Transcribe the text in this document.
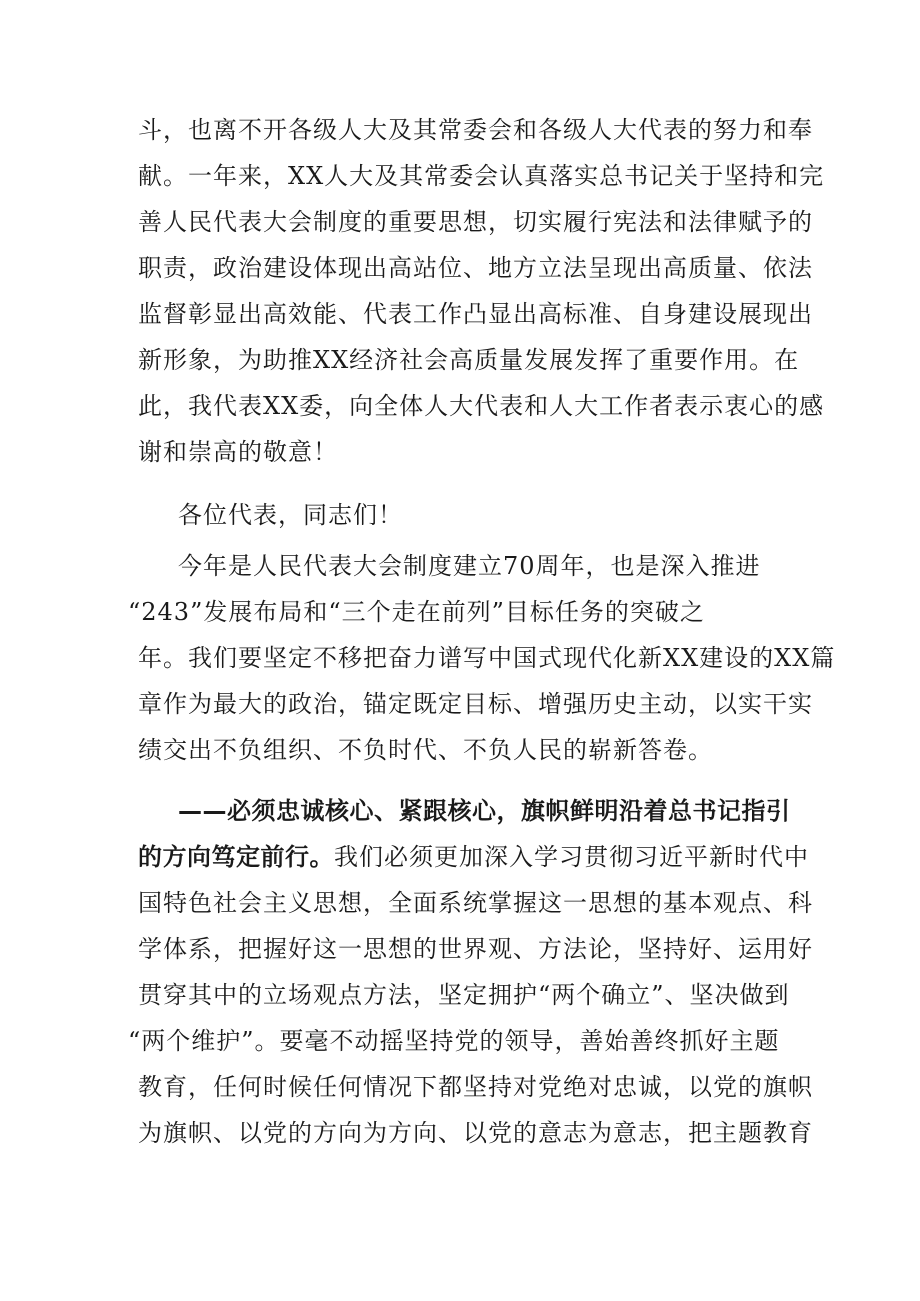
斗，也离不开各级人大及其常委会和各级人大代表的努力和奉
献。一年来，XX人大及其常委会认真落实总书记关于坚持和完
善人民代表大会制度的重要思想，切实履行宪法和法律赋予的
职责，政治建设体现出高站位、地方立法呈现出高质量、依法
监督彰显出高效能、代表工作凸显出高标准、自身建设展现出
新形象，为助推XX经济社会高质量发展发挥了重要作用。在
此，我代表XX委，向全体人大代表和人大工作者表示衷心的感
谢和崇高的敬意！
各位代表，同志们！
今年是人民代表大会制度建立70周年，也是深入推进
“243”发展布局和“三个走在前列”目标任务的突破之
年。我们要坚定不移把奋力谱写中国式现代化新XX建设的XX篇
章作为最大的政治，锚定既定目标、增强历史主动，以实干实
绩交出不负组织、不负时代、不负人民的崭新答卷。
——必须忠诚核心、紧跟核心，旗帜鲜明沿着总书记指引
的方向笃定前行。我们必须更加深入学习贯彻习近平新时代中
国特色社会主义思想，全面系统掌握这一思想的基本观点、科
学体系，把握好这一思想的世界观、方法论，坚持好、运用好
贯穿其中的立场观点方法，坚定拥护“两个确立”、坚决做到
“两个维护”。要毫不动摇坚持党的领导，善始善终抓好主题
教育，任何时候任何情况下都坚持对党绝对忠诚，以党的旗帜
为旗帜、以党的方向为方向、以党的意志为意志，把主题教育
